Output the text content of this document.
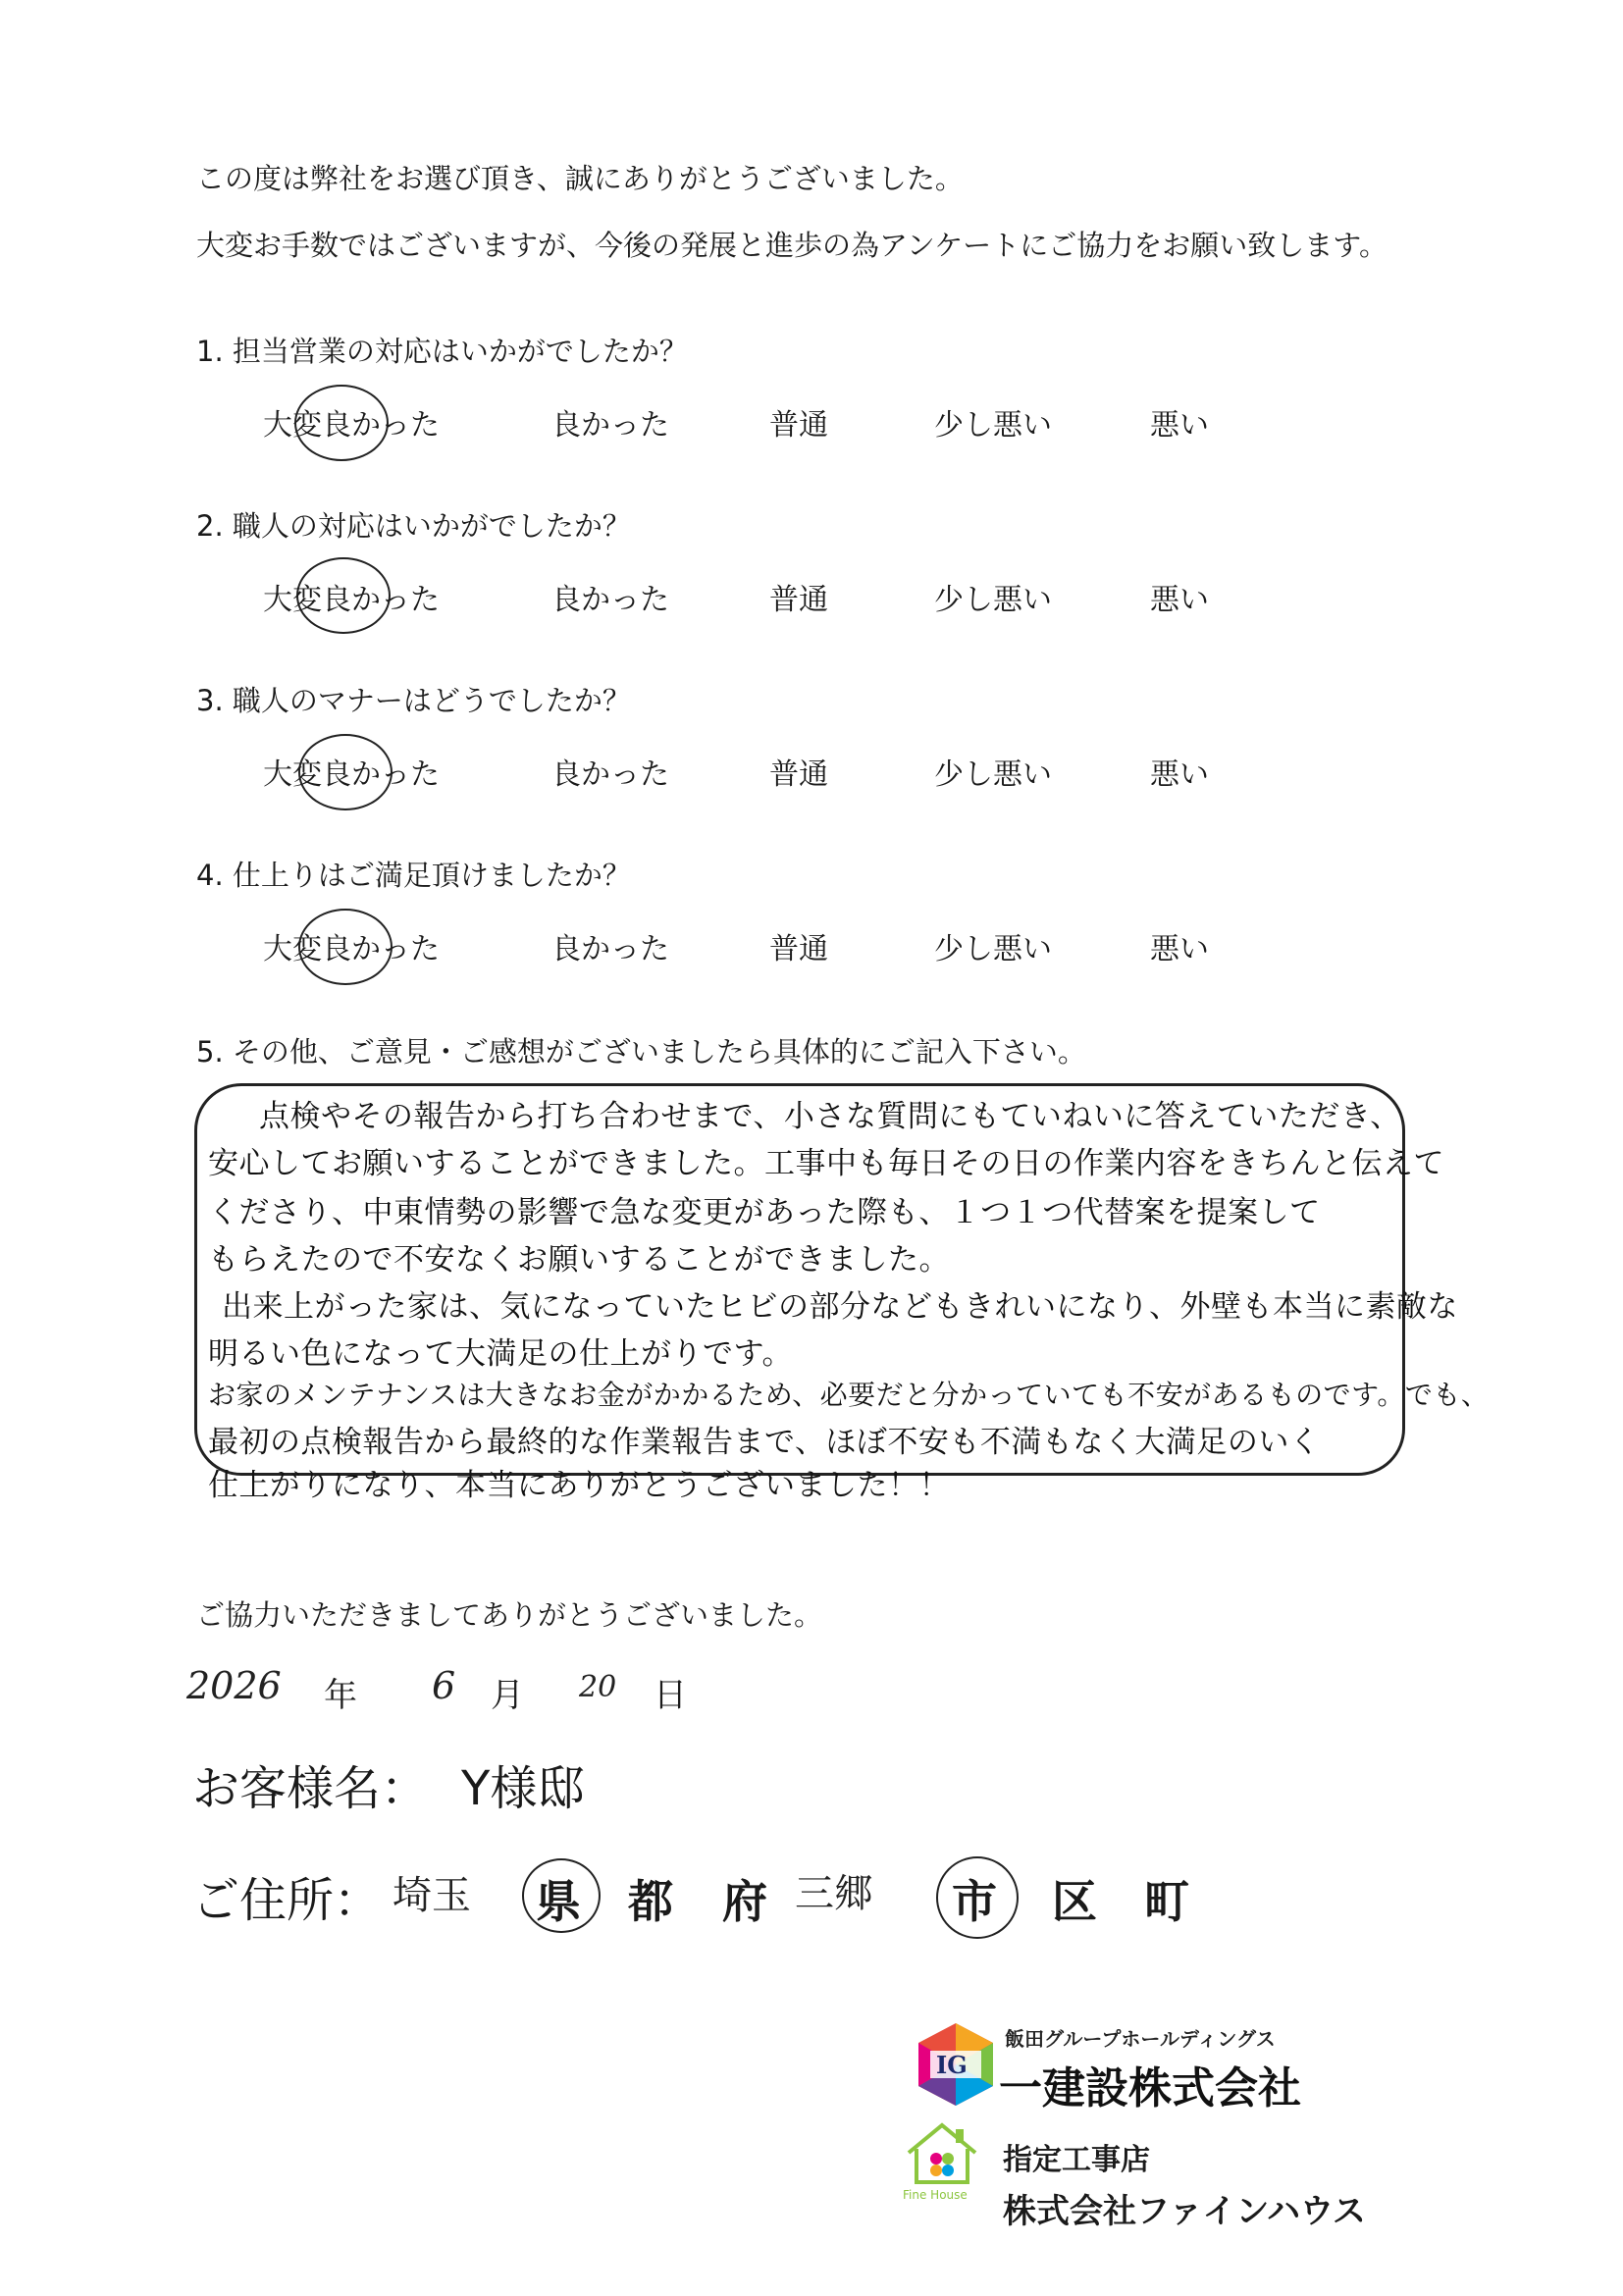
この度は弊社をお選び頂き、誠にありがとうございました。
大変お手数ではございますが、今後の発展と進歩の為アンケートにご協力をお願い致します。
1. 担当営業の対応はいかがでしたか？
大変良かった	良かった	普通	少し悪い	悪い
2. 職人の対応はいかがでしたか？
大変良かった	良かった	普通	少し悪い	悪い
3. 職人のマナーはどうでしたか？
大変良かった	良かった	普通	少し悪い	悪い
4. 仕上りはご満足頂けましたか？
大変良かった	良かった	普通	少し悪い	悪い
5. その他、ご意見・ご感想がございましたら具体的にご記入下さい。
点検やその報告から打ち合わせまで、小さな質問にもていねいに答えていただき、
安心してお願いすることができました。工事中も毎日その日の作業内容をきちんと伝えて
くださり、中東情勢の影響で急な変更があった際も、１つ１つ代替案を提案して
もらえたので不安なくお願いすることができました。
出来上がった家は、気になっていたヒビの部分などもきれいになり、外壁も本当に素敵な
明るい色になって大満足の仕上がりです。
お家のメンテナンスは大きなお金がかかるため、必要だと分かっていても不安があるものです。でも、
最初の点検報告から最終的な作業報告まで、ほぼ不安も不満もなく大満足のいく
仕上がりになり、本当にありがとうございました！！
ご協力いただきましてありがとうございました。
2026 年 6 月 20 日
お客様名： Y様邸
ご住所： 埼玉 県 都 府 三郷 市 区 町
IG
飯田グループホールディングス
一建設株式会社
Fine House
指定工事店
株式会社ファインハウス
